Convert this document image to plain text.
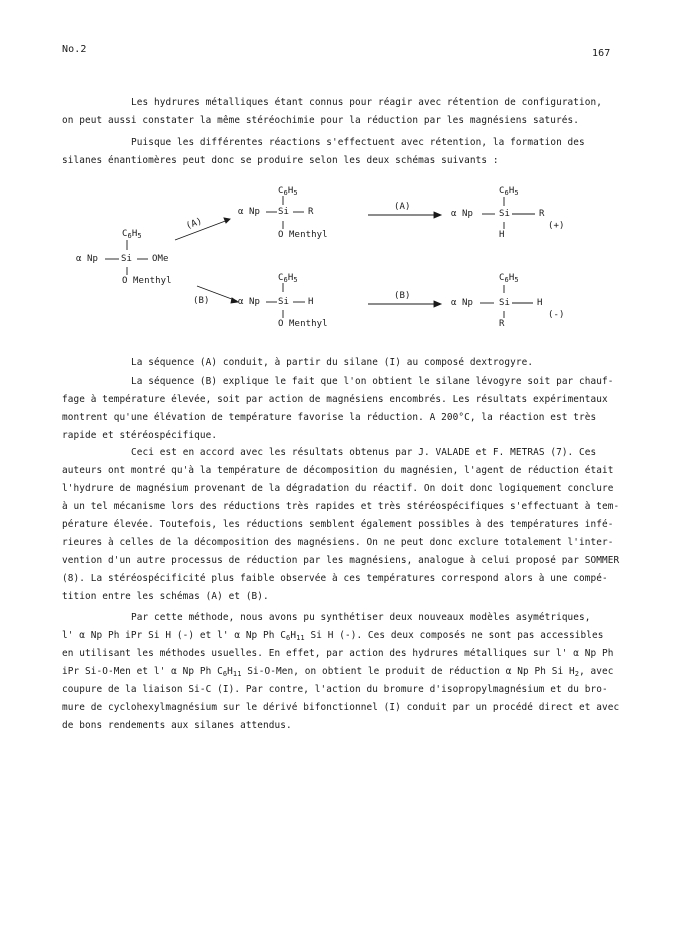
No.2	167
Les hydrures métalliques étant connus pour réagir avec rétention de configuration,
on peut aussi constater la même stéréochimie pour la réduction par les magnésiens saturés.
Puisque les différentes réactions s'effectuent avec rétention, la formation des
silanes énantiomères peut donc se produire selon les deux schémas suivants :
$C_6H_5$
α Np	Si OMe
O Menthyl
(A)
(B)
$C_6H_5$
α Np Si R
O Menthyl
$C_6H_5$
α Np Si H
O Menthyl
(A)
(B)
$C_6H_5$
α Np	Si	R
(+)
H
$C_6H_5$
α Np	Si	H
(-)
R
La séquence (A) conduit, à partir du silane (I) au composé dextrogyre.
La séquence (B) explique le fait que l'on obtient le silane lévogyre soit par chauf-
fage à température élevée, soit par action de magnésiens encombrés. Les résultats expérimentaux
montrent qu'une élévation de température favorise la réduction. A 200°C, la réaction est très
rapide et stéréospécifique.
Ceci est en accord avec les résultats obtenus par J. VALADE et F. METRAS (7). Ces
auteurs ont montré qu'à la température de décomposition du magnésien, l'agent de réduction était
l'hydrure de magnésium provenant de la dégradation du réactif. On doit donc logiquement conclure
à un tel mécanisme lors des réductions très rapides et très stéréospécifiques s'effectuant à tem-
pérature élevée. Toutefois, les réductions semblent également possibles à des températures infé-
rieures à celles de la décomposition des magnésiens. On ne peut donc exclure totalement l'inter-
vention d'un autre processus de réduction par les magnésiens, analogue à celui proposé par SOMMER
(8). La stéréospécificité plus faible observée à ces températures correspond alors à une compé-
tition entre les schémas (A) et (B).
Par cette méthode, nous avons pu synthétiser deux nouveaux modèles asymétriques,
l' α Np Ph iPr Si H (-) et l' α Np Ph $C_6H_{11}$ Si H (-). Ces deux composés ne sont pas accessibles
en utilisant les méthodes usuelles. En effet, par action des hydrures métalliques sur l' α Np Ph
iPr Si-O-Men et l' α Np Ph $C_6H_{11}$ Si-O-Men, on obtient le produit de réduction α Np Ph Si $H_2$, avec
coupure de la liaison Si-C (I). Par contre, l'action du bromure d'isopropylmagnésium et du bro-
mure de cyclohexylmagnésium sur le dérivé bifonctionnel (I) conduit par un procédé direct et avec
de bons rendements aux silanes attendus.
